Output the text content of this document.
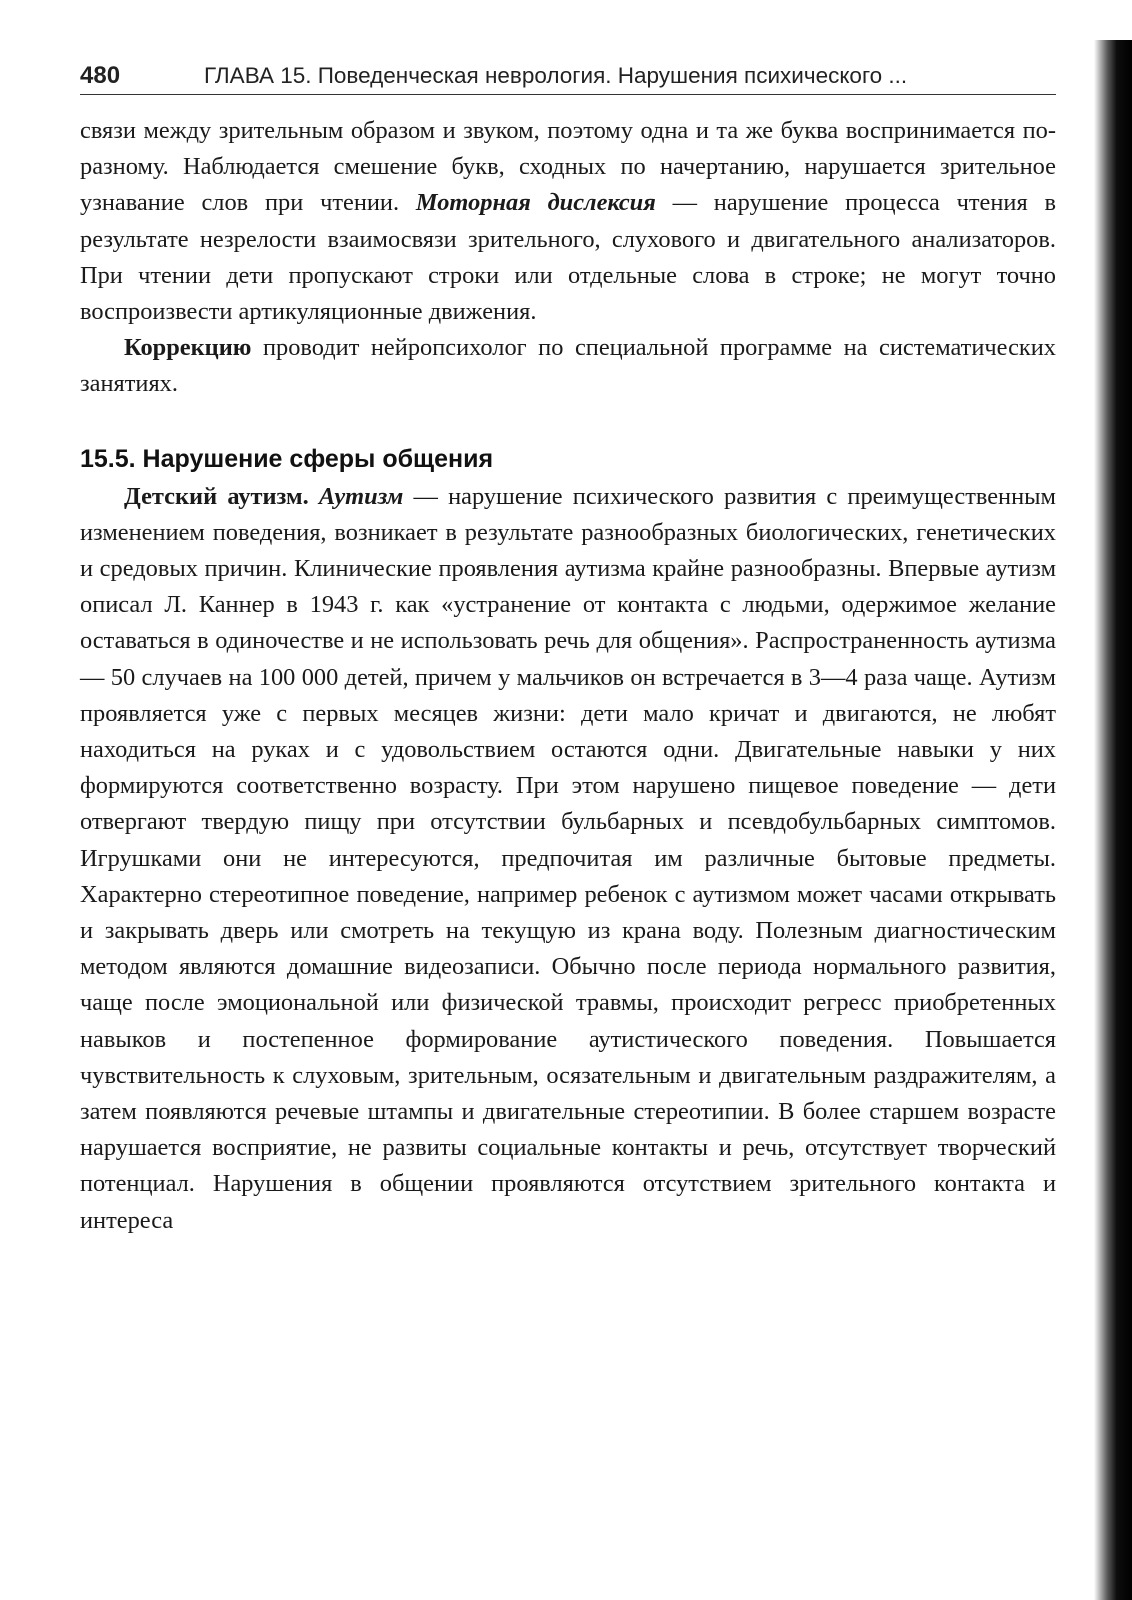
480	ГЛАВА 15. Поведенческая неврология. Нарушения психического ...

связи между зрительным образом и звуком, поэтому одна и та же буква воспринимается по-разному. Наблюдается смешение букв, сходных по начертанию, нарушается зрительное узнавание слов при чтении. Моторная дислексия — нарушение процесса чтения в результате незрелости взаимосвязи зрительного, слухового и двигательного анализаторов. При чтении дети пропускают строки или отдельные слова в строке; не могут точно воспроизвести артикуляционные движения.

Коррекцию проводит нейропсихолог по специальной программе на систематических занятиях.

15.5. Нарушение сферы общения

Детский аутизм. Аутизм — нарушение психического развития с преимущественным изменением поведения, возникает в результате разнообразных биологических, генетических и средовых причин. Клинические проявления аутизма крайне разнообразны. Впервые аутизм описал Л. Каннер в 1943 г. как «устранение от контакта с людьми, одержимое желание оставаться в одиночестве и не использовать речь для общения». Распространенность аутизма — 50 случаев на 100 000 детей, причем у мальчиков он встречается в 3—4 раза чаще. Аутизм проявляется уже с первых месяцев жизни: дети мало кричат и двигаются, не любят находиться на руках и с удовольствием остаются одни. Двигательные навыки у них формируются соответственно возрасту. При этом нарушено пищевое поведение — дети отвергают твердую пищу при отсутствии бульбарных и псевдобульбарных симптомов. Игрушками они не интересуются, предпочитая им различные бытовые предметы. Характерно стереотипное поведение, например ребенок с аутизмом может часами открывать и закрывать дверь или смотреть на текущую из крана воду. Полезным диагностическим методом являются домашние видеозаписи. Обычно после периода нормального развития, чаще после эмоциональной или физической травмы, происходит регресс приобретенных навыков и постепенное формирование аутистического поведения. Повышается чувствительность к слуховым, зрительным, осязательным и двигательным раздражителям, а затем появляются речевые штампы и двигательные стереотипии. В более старшем возрасте нарушается восприятие, не развиты социальные контакты и речь, отсутствует творческий потенциал. Нарушения в общении проявляются отсутствием зрительного контакта и интереса
